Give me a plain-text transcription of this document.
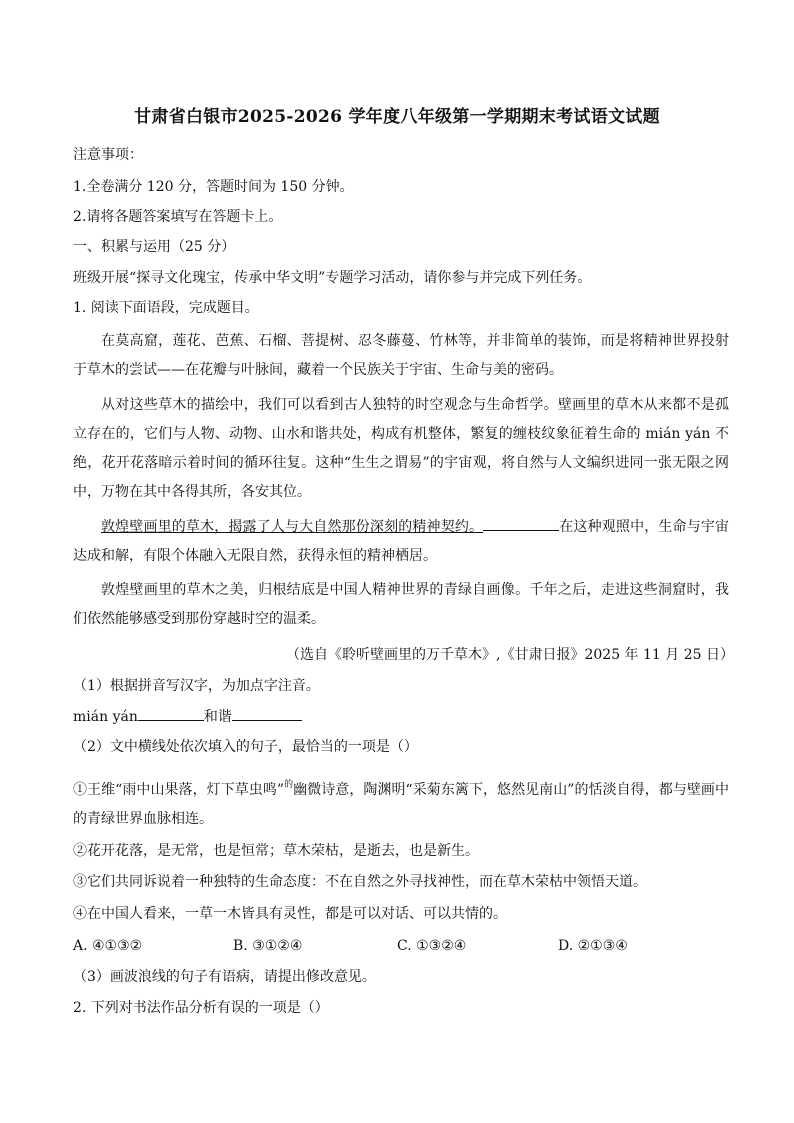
甘肃省白银市2025-2026 学年度八年级第一学期期末考试语文试题
注意事项：
1.全卷满分 120 分，答题时间为 150 分钟。
2.请将各题答案填写在答题卡上。
一、积累与运用（25 分）
班级开展“探寻文化瑰宝，传承中华文明”专题学习活动，请你参与并完成下列任务。
1. 阅读下面语段，完成题目。
在莫高窟，莲花、芭蕉、石榴、菩提树、忍冬藤蔓、竹林等，并非简单的装饰，而是将精神世界投射于草木的尝试——在花瓣与叶脉间，藏着一个民族关于宇宙、生命与美的密码。
从对这些草木的描绘中，我们可以看到古人独特的时空观念与生命哲学。壁画里的草木从来都不是孤立存在的，它们与人物、动物、山水和谐共处，构成有机整体，繁复的缠枝纹象征着生命的 mián yán 不绝，花开花落暗示着时间的循环往复。这种“生生之谓易”的宇宙观，将自然与人文编织进同一张无限之网中，万物在其中各得其所，各安其位。
敦煌壁画里的草木，揭露了人与大自然那份深刻的精神契约。	在这种观照中，生命与宇宙达成和解，有限个体融入无限自然，获得永恒的精神栖居。
敦煌壁画里的草木之美，归根结底是中国人精神世界的青绿自画像。千年之后，走进这些洞窟时，我们依然能够感受到那份穿越时空的温柔。
（选自《聆听壁画里的万千草木》,《甘肃日报》2025 年 11 月 25 日）
（1）根据拼音写汉字，为加点字注音。
mián yán	和谐
（2）文中横线处依次填入的句子，最恰当的一项是（）
①王维“雨中山果落，灯下草虫鸣”$^的$幽微诗意，陶渊明“采菊东篱下，悠然见南山”的恬淡自得，都与壁画中的青绿世界血脉相连。
②花开花落，是无常，也是恒常；草木荣枯，是逝去，也是新生。
③它们共同诉说着一种独特的生命态度：不在自然之外寻找神性，而在草木荣枯中领悟天道。
④在中国人看来，一草一木皆具有灵性，都是可以对话、可以共情的。
A. ④①③②	B. ③①②④	C. ①③②④	D. ②①③④
（3）画波浪线的句子有语病，请提出修改意见。
2. 下列对书法作品分析有误的一项是（）
